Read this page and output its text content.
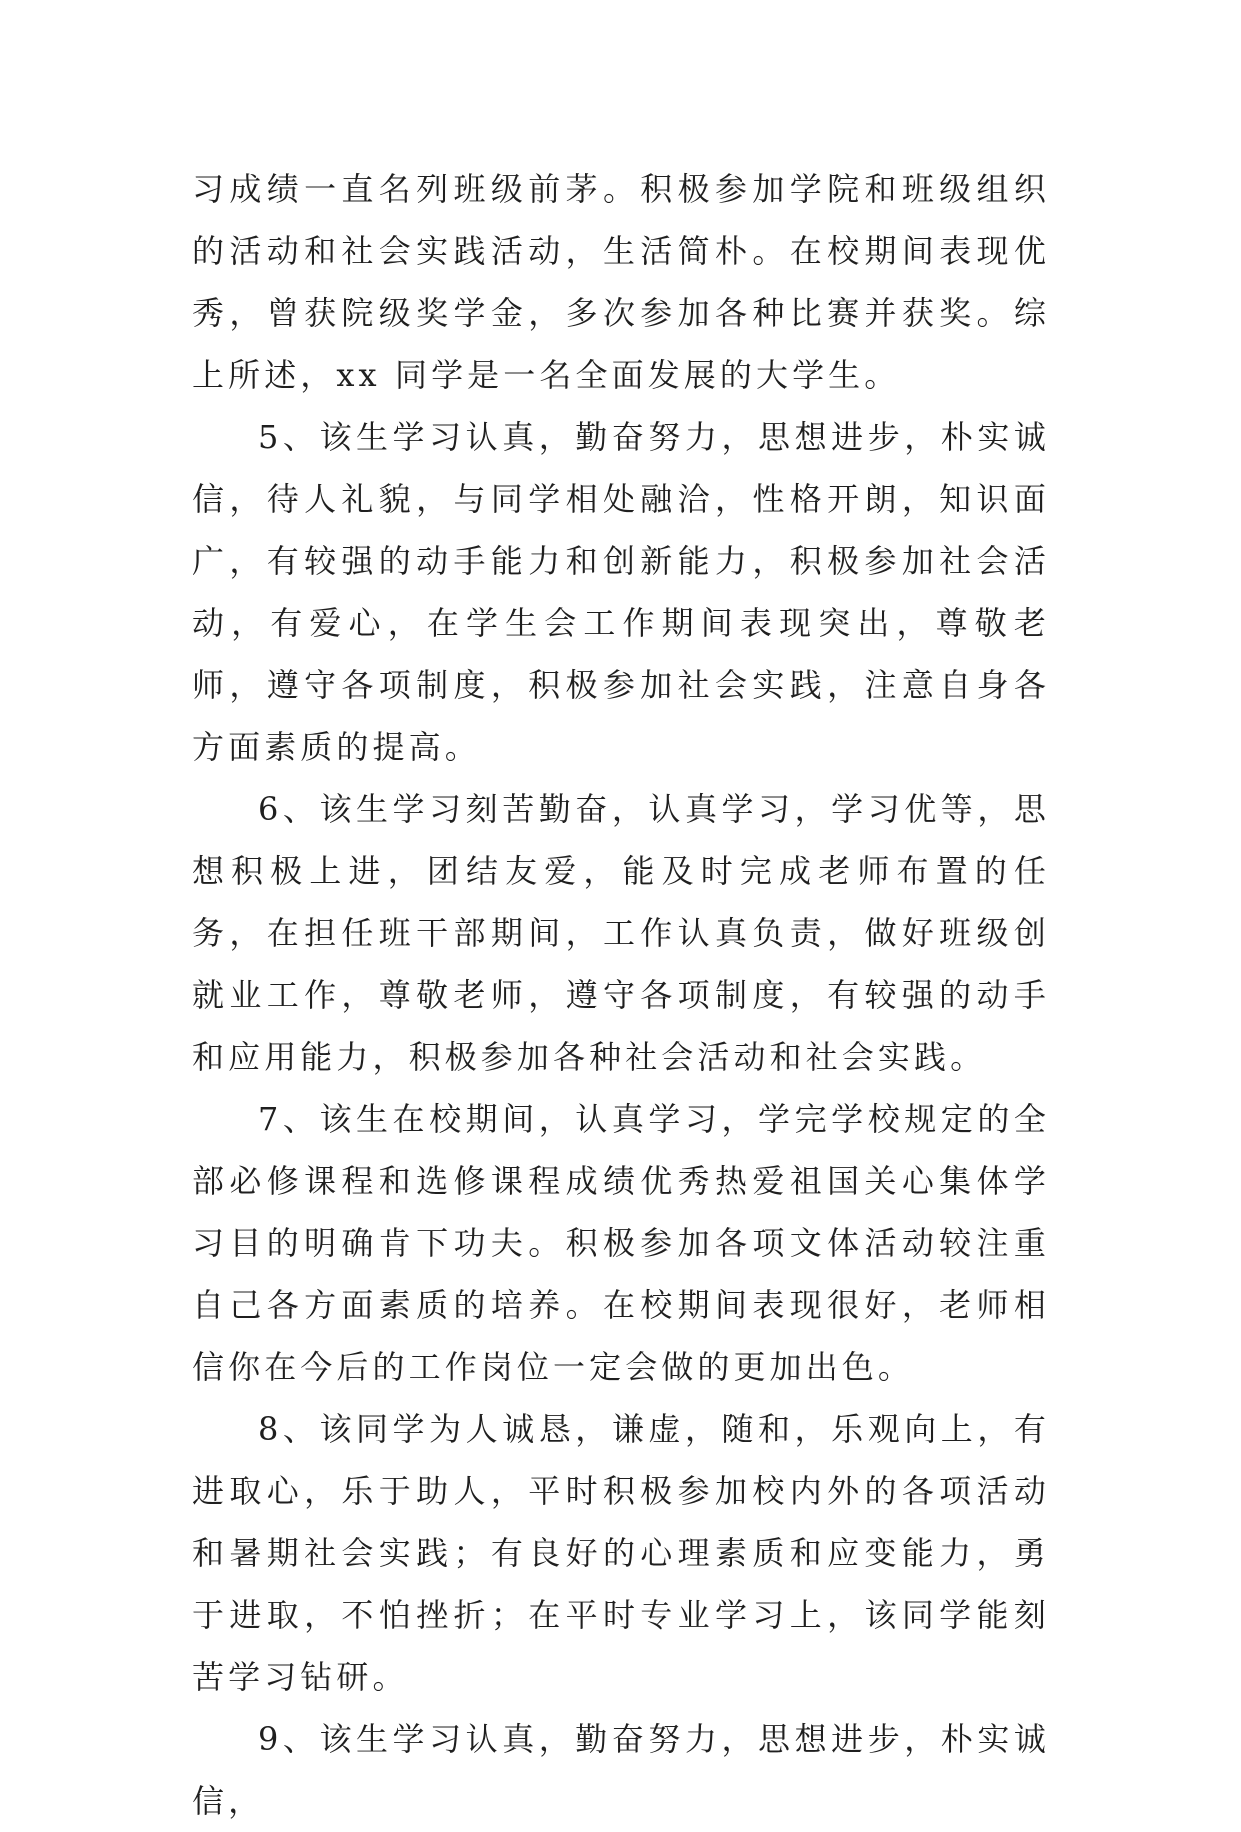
习成绩一直名列班级前茅。积极参加学院和班级组织的活动和社会实践活动，生活简朴。在校期间表现优秀，曾获院级奖学金，多次参加各种比赛并获奖。综上所述，xx 同学是一名全面发展的大学生。

5、该生学习认真，勤奋努力，思想进步，朴实诚信，待人礼貌，与同学相处融洽，性格开朗，知识面广，有较强的动手能力和创新能力，积极参加社会活动，有爱心，在学生会工作期间表现突出，尊敬老师，遵守各项制度，积极参加社会实践，注意自身各方面素质的提高。

6、该生学习刻苦勤奋，认真学习，学习优等，思想积极上进，团结友爱，能及时完成老师布置的任务，在担任班干部期间，工作认真负责，做好班级创就业工作，尊敬老师，遵守各项制度，有较强的动手和应用能力，积极参加各种社会活动和社会实践。

7、该生在校期间，认真学习，学完学校规定的全部必修课程和选修课程成绩优秀热爱祖国关心集体学习目的明确肯下功夫。积极参加各项文体活动较注重自己各方面素质的培养。在校期间表现很好，老师相信你在今后的工作岗位一定会做的更加出色。

8、该同学为人诚恳，谦虚，随和，乐观向上，有进取心，乐于助人，平时积极参加校内外的各项活动和暑期社会实践；有良好的心理素质和应变能力，勇于进取，不怕挫折；在平时专业学习上，该同学能刻苦学习钻研。

9、该生学习认真，勤奋努力，思想进步，朴实诚信，
